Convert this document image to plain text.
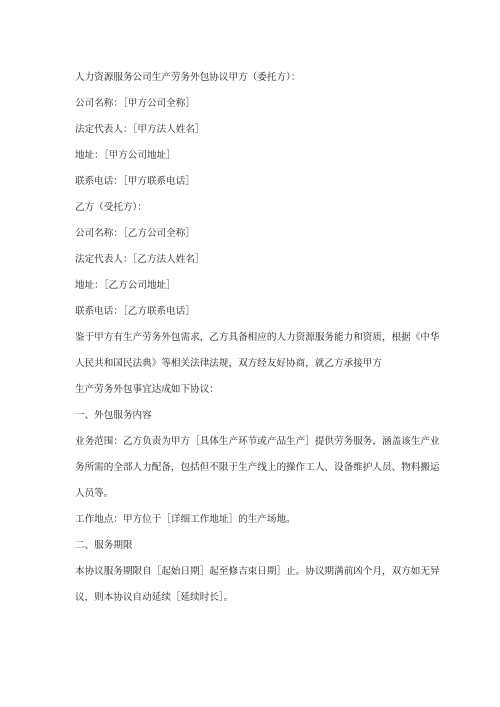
人力资源服务公司生产劳务外包协议甲方（委托方）：
公司名称：［甲方公司全称］
法定代表人：［甲方法人姓名］
地址：［甲方公司地址］
联系电话：［甲方联系电话］
乙方（受托方）：
公司名称：［乙方公司全称］
法定代表人：［乙方法人姓名］
地址：［乙方公司地址］
联系电话：［乙方联系电话］
鉴于甲方有生产劳务外包需求，乙方具备相应的人力资源服务能力和资质，根据《中华
人民共和国民法典》等相关法律法规，双方经友好协商，就乙方承接甲方
生产劳务外包事宜达成如下协议：
一、外包服务内容
业务范围：乙方负责为甲方［具体生产环节或产品生产］提供劳务服务，涵盖该生产业
务所需的全部人力配备，包括但不限于生产线上的操作工人、设备维护人员、物料搬运
人员等。
工作地点：甲方位于［详细工作地址］的生产场地。
二、服务期限
本协议服务期限自［起始日期］起至修吉束日期］止。协议期满前凶个月，双方如无异
议，则本协议自动延续［延续时长］。
